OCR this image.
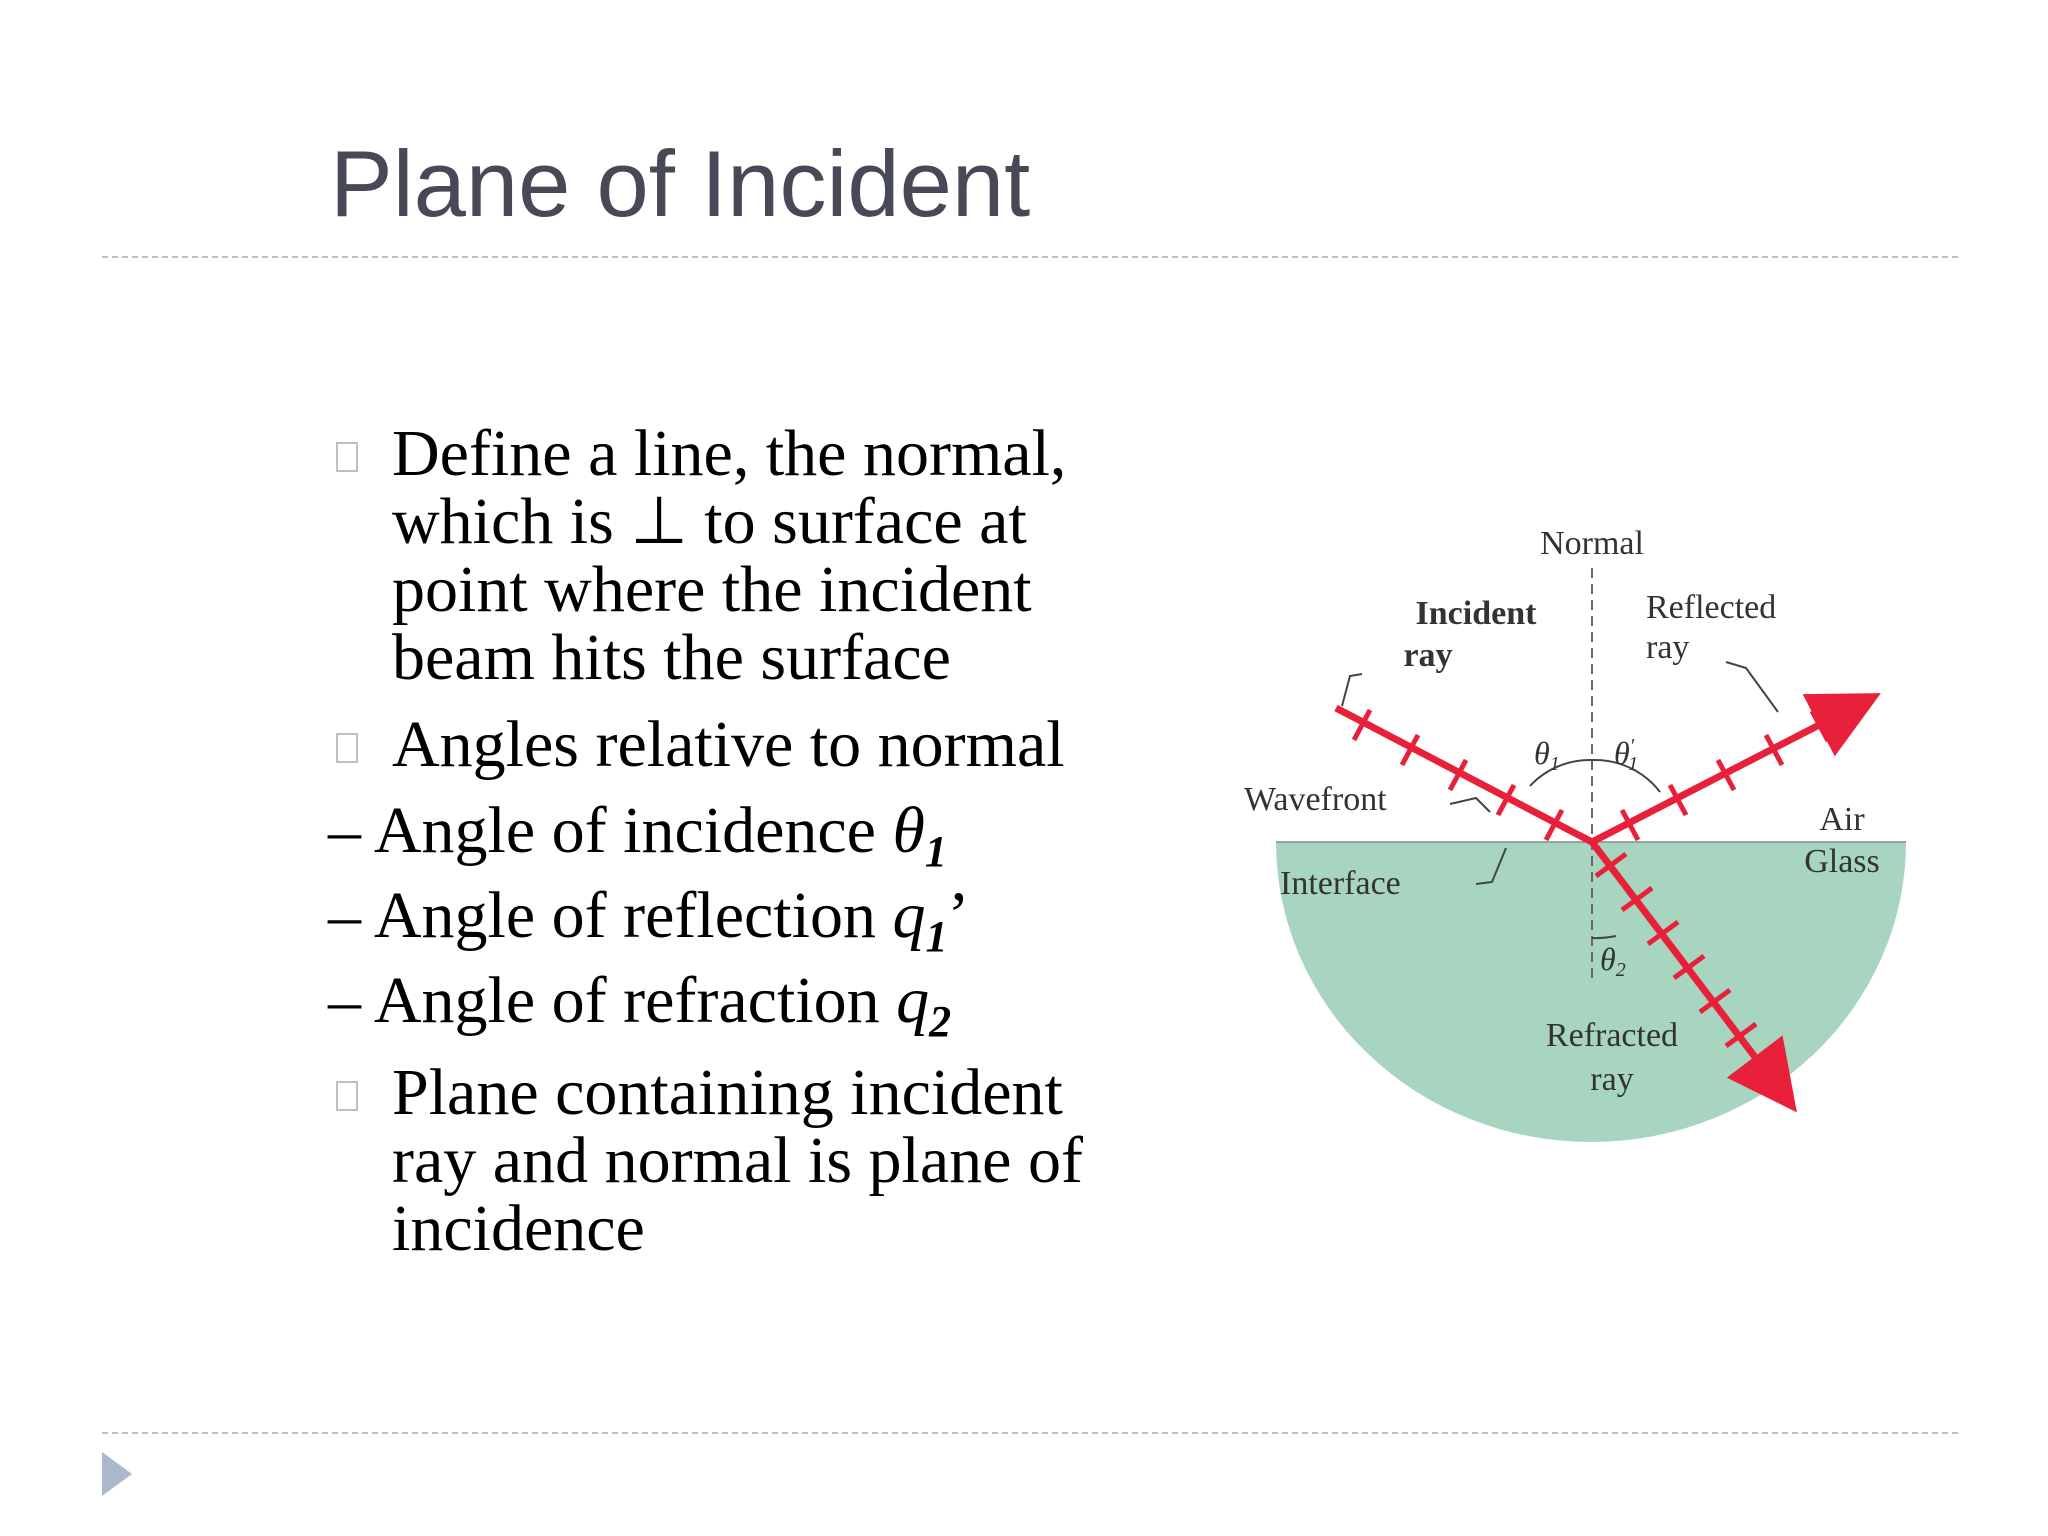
Plane of Incident
Define a line, the normal,
which is ⊥ to surface at
point where the incident
beam hits the surface
Angles relative to normal
– Angle of incidence $\theta_1$
– Angle of reflection $q_1$’
– Angle of refraction $q_2$
Plane containing incident
ray and normal is plane of
incidence
Normal
Incident
ray
Reflected
ray
Wavefront
Interface
Air
Glass
Refracted
ray
θ1 θ′ 1
θ2
